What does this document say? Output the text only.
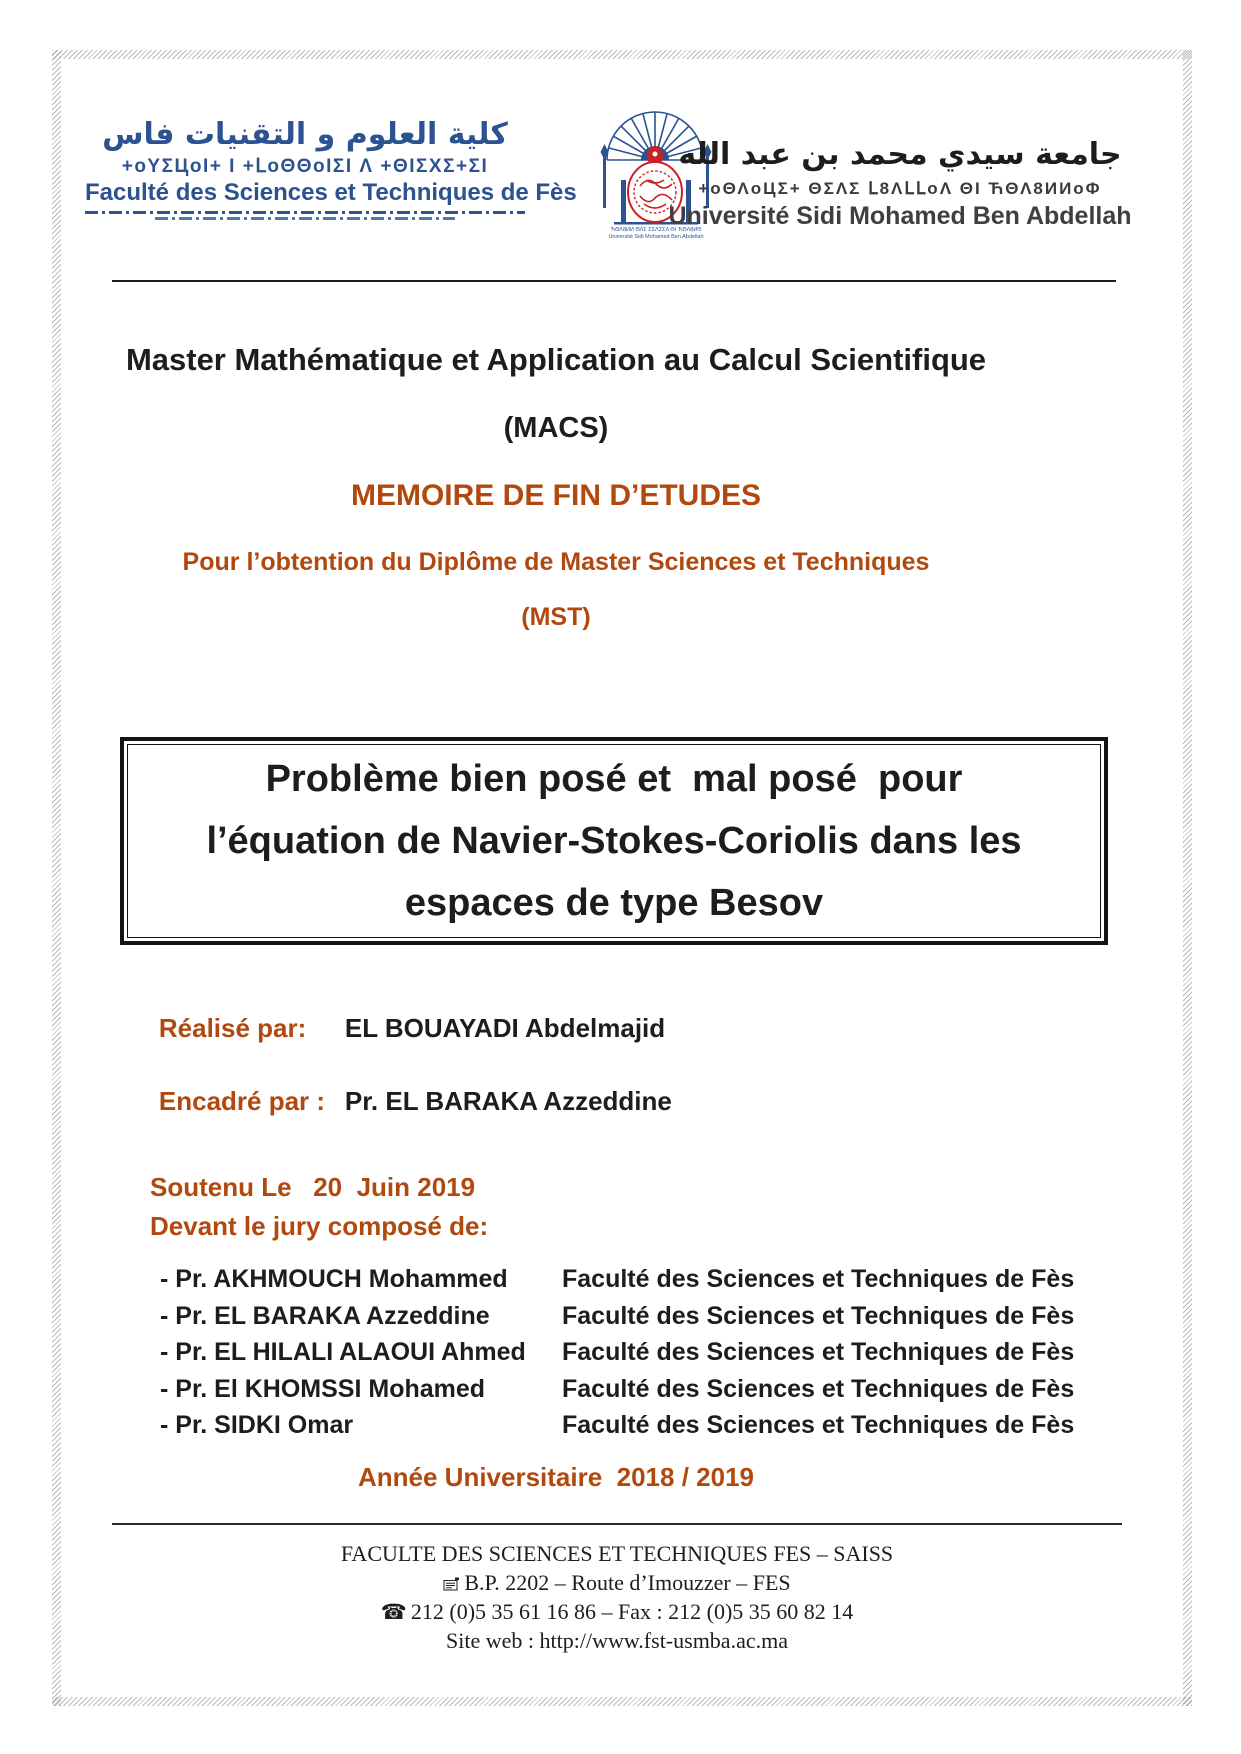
كلية العلوم و التقنيات فاس
+oYΣЦoI+ I +ⅬoΘΘoIΣI Λ +ΘIΣXΣ+ΣI
Faculté des Sciences et Techniques de Fès
ЋΘΛ8ИИ ΘΛΣ ΣΣΛΣΣΛ ΘI ЋΘΛ8ИΘ
Université Sidi Mohamed Ben Abdellah
جامعة سيدي محمد بن عبد الله
+oΘΛoЦΣ+ ΘΣΛΣ Ⅼ8ΛⅬⅬoΛ ΘI ЋΘΛ8ИИoΦ
Université Sidi Mohamed Ben Abdellah
Master Mathématique et Application au Calcul Scientifique
(MACS)
MEMOIRE DE FIN D’ETUDES
Pour l’obtention du Diplôme de Master Sciences et Techniques
(MST)
Problème bien posé et  mal posé  pour
l’équation de Navier-Stokes-Coriolis dans les
espaces de type Besov

Réalisé par: EL BOUAYADI Abdelmajid

Encadré par : Pr. EL BARAKA Azzeddine

Soutenu Le   20  Juin 2019
Devant le jury composé de:
- Pr. AKHMOUCH Mohammed	Faculté des Sciences et Techniques de Fès
- Pr. EL BARAKA Azzeddine	Faculté des Sciences et Techniques de Fès
- Pr. EL HILALI ALAOUI Ahmed	Faculté des Sciences et Techniques de Fès
- Pr. El KHOMSSI Mohamed	Faculté des Sciences et Techniques de Fès
- Pr. SIDKI Omar	Faculté des Sciences et Techniques de Fès
Année Universitaire  2018 / 2019
FACULTE DES SCIENCES ET TECHNIQUES FES – SAISS
B.P. 2202 – Route d’Imouzzer – FES
☎ 212 (0)5 35 61 16 86 – Fax : 212 (0)5 35 60 82 14
Site web : http://www.fst-usmba.ac.ma
